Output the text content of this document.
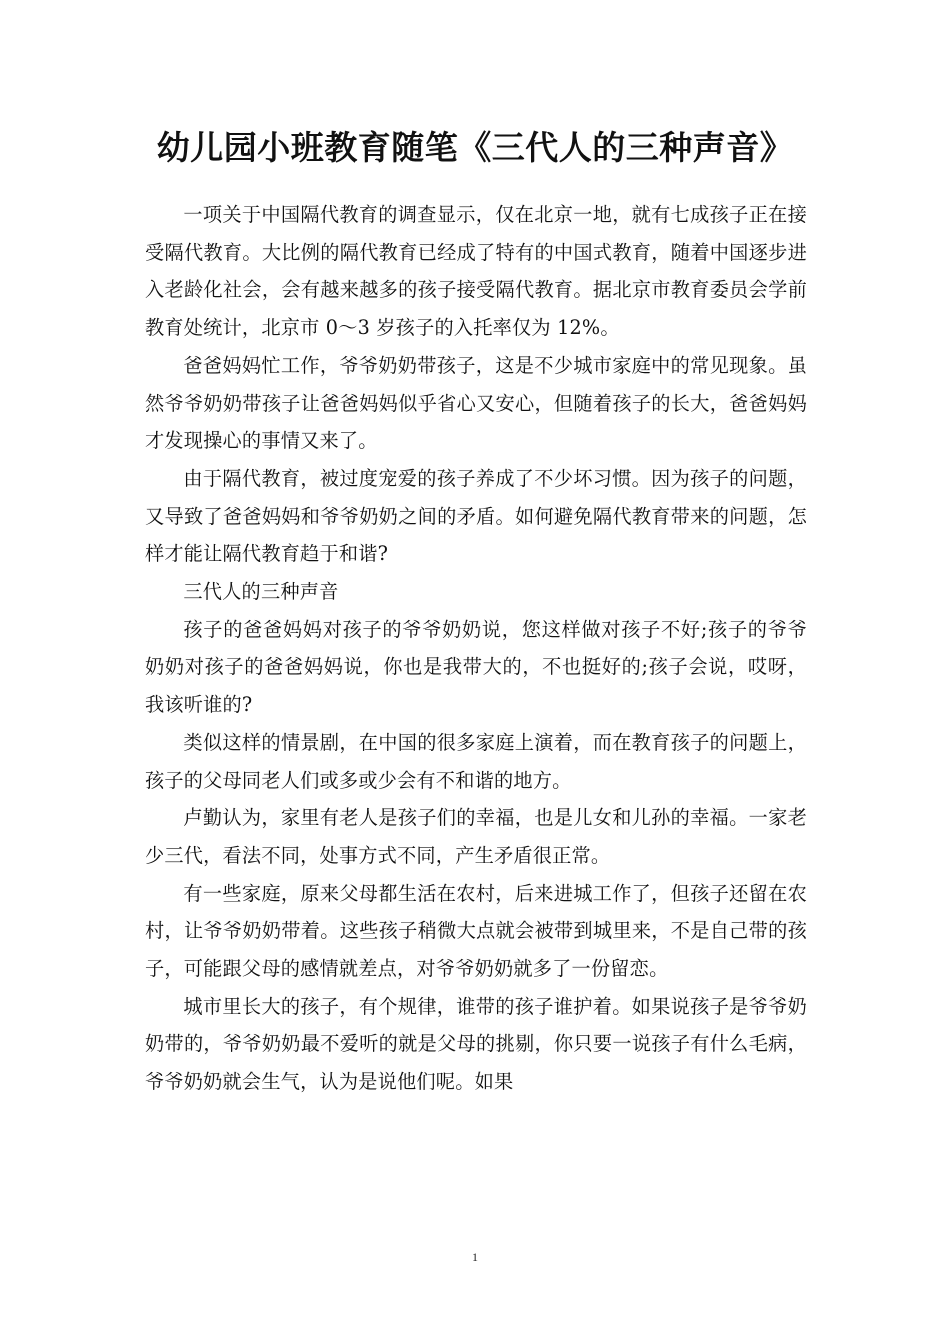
幼儿园小班教育随笔《三代人的三种声音》

一项关于中国隔代教育的调查显示，仅在北京一地，就有七成孩子正在接受隔代教育。大比例的隔代教育已经成了特有的中国式教育，随着中国逐步进入老龄化社会，会有越来越多的孩子接受隔代教育。据北京市教育委员会学前教育处统计，北京市 0～3 岁孩子的入托率仅为 12%。

爸爸妈妈忙工作，爷爷奶奶带孩子，这是不少城市家庭中的常见现象。虽然爷爷奶奶带孩子让爸爸妈妈似乎省心又安心，但随着孩子的长大，爸爸妈妈才发现操心的事情又来了。

由于隔代教育，被过度宠爱的孩子养成了不少坏习惯。因为孩子的问题，又导致了爸爸妈妈和爷爷奶奶之间的矛盾。如何避免隔代教育带来的问题，怎样才能让隔代教育趋于和谐?

三代人的三种声音

孩子的爸爸妈妈对孩子的爷爷奶奶说，您这样做对孩子不好;孩子的爷爷奶奶对孩子的爸爸妈妈说，你也是我带大的，不也挺好的;孩子会说，哎呀，我该听谁的?

类似这样的情景剧，在中国的很多家庭上演着，而在教育孩子的问题上，孩子的父母同老人们或多或少会有不和谐的地方。

卢勤认为，家里有老人是孩子们的幸福，也是儿女和儿孙的幸福。一家老少三代，看法不同，处事方式不同，产生矛盾很正常。

有一些家庭，原来父母都生活在农村，后来进城工作了，但孩子还留在农村，让爷爷奶奶带着。这些孩子稍微大点就会被带到城里来，不是自己带的孩子，可能跟父母的感情就差点，对爷爷奶奶就多了一份留恋。

城市里长大的孩子，有个规律，谁带的孩子谁护着。如果说孩子是爷爷奶奶带的，爷爷奶奶最不爱听的就是父母的挑剔，你只要一说孩子有什么毛病，爷爷奶奶就会生气，认为是说他们呢。如果

1
